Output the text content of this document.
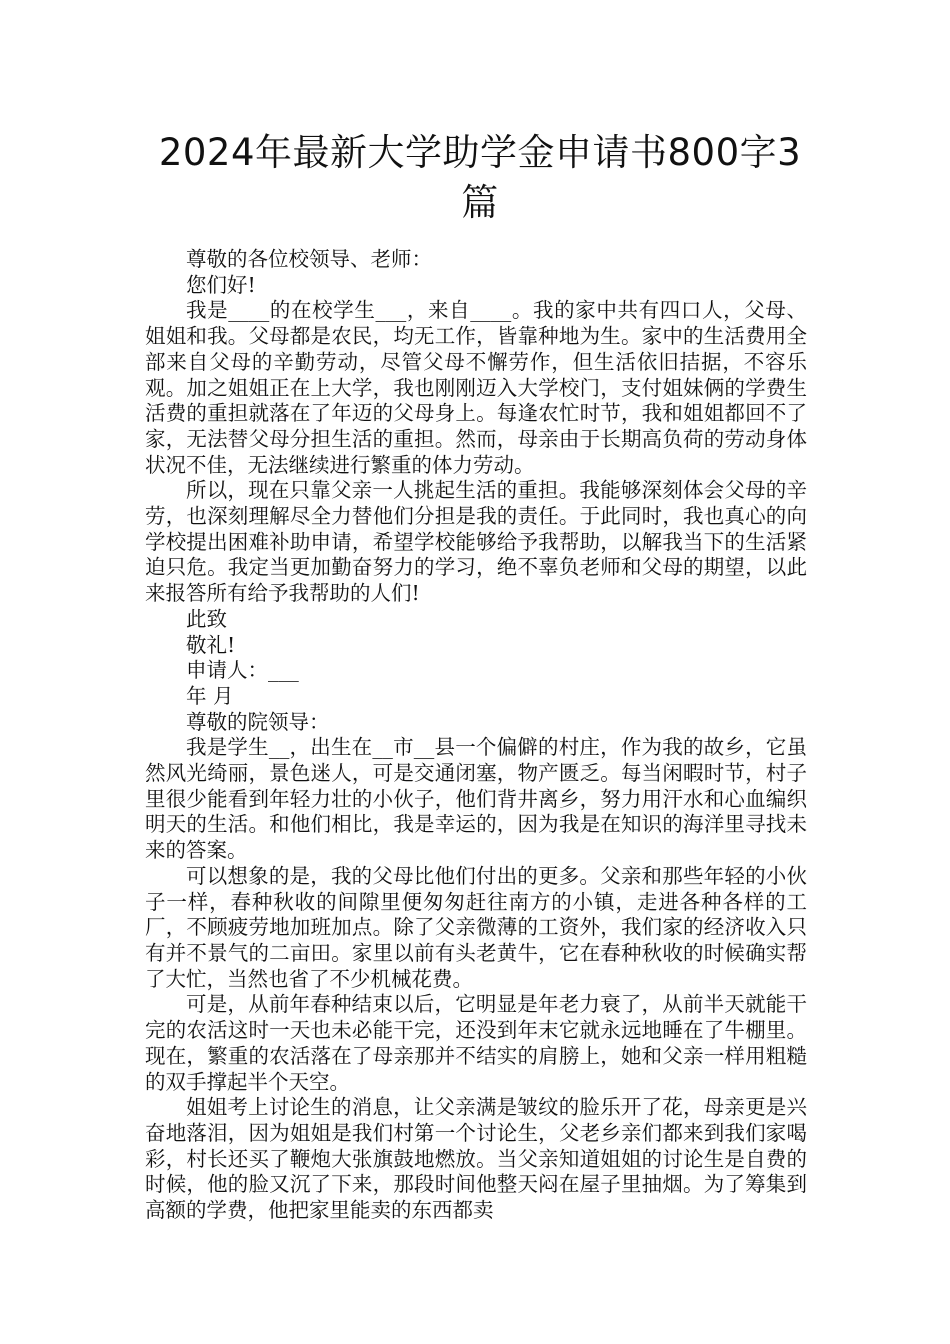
2024年最新大学助学金申请书800字3篇

尊敬的各位校领导、老师：

您们好!

我是____的在校学生___，来自____。我的家中共有四口人，父母、姐姐和我。父母都是农民，均无工作，皆靠种地为生。家中的生活费用全部来自父母的辛勤劳动，尽管父母不懈劳作，但生活依旧拮据，不容乐观。加之姐姐正在上大学，我也刚刚迈入大学校门，支付姐妹俩的学费生活费的重担就落在了年迈的父母身上。每逢农忙时节，我和姐姐都回不了家，无法替父母分担生活的重担。然而，母亲由于长期高负荷的劳动身体状况不佳，无法继续进行繁重的体力劳动。

所以，现在只靠父亲一人挑起生活的重担。我能够深刻体会父母的辛劳，也深刻理解尽全力替他们分担是我的责任。于此同时，我也真心的向学校提出困难补助申请，希望学校能够给予我帮助，以解我当下的生活紧迫只危。我定当更加勤奋努力的学习，绝不辜负老师和父母的期望，以此来报答所有给予我帮助的人们!

此致

敬礼!

申请人：___

年 月

尊敬的院领导：

我是学生__，出生在__市__县一个偏僻的村庄，作为我的故乡，它虽然风光绮丽，景色迷人，可是交通闭塞，物产匮乏。每当闲暇时节，村子里很少能看到年轻力壮的小伙子，他们背井离乡，努力用汗水和心血编织明天的生活。和他们相比，我是幸运的，因为我是在知识的海洋里寻找未来的答案。

可以想象的是，我的父母比他们付出的更多。父亲和那些年轻的小伙子一样，春种秋收的间隙里便匆匆赶往南方的小镇，走进各种各样的工厂，不顾疲劳地加班加点。除了父亲微薄的工资外，我们家的经济收入只有并不景气的二亩田。家里以前有头老黄牛，它在春种秋收的时候确实帮了大忙，当然也省了不少机械花费。

可是，从前年春种结束以后，它明显是年老力衰了，从前半天就能干完的农活这时一天也未必能干完，还没到年末它就永远地睡在了牛棚里。现在，繁重的农活落在了母亲那并不结实的肩膀上，她和父亲一样用粗糙的双手撑起半个天空。

姐姐考上讨论生的消息，让父亲满是皱纹的脸乐开了花，母亲更是兴奋地落泪，因为姐姐是我们村第一个讨论生，父老乡亲们都来到我们家喝彩，村长还买了鞭炮大张旗鼓地燃放。当父亲知道姐姐的讨论生是自费的时候，他的脸又沉了下来，那段时间他整天闷在屋子里抽烟。为了筹集到高额的学费，他把家里能卖的东西都卖
